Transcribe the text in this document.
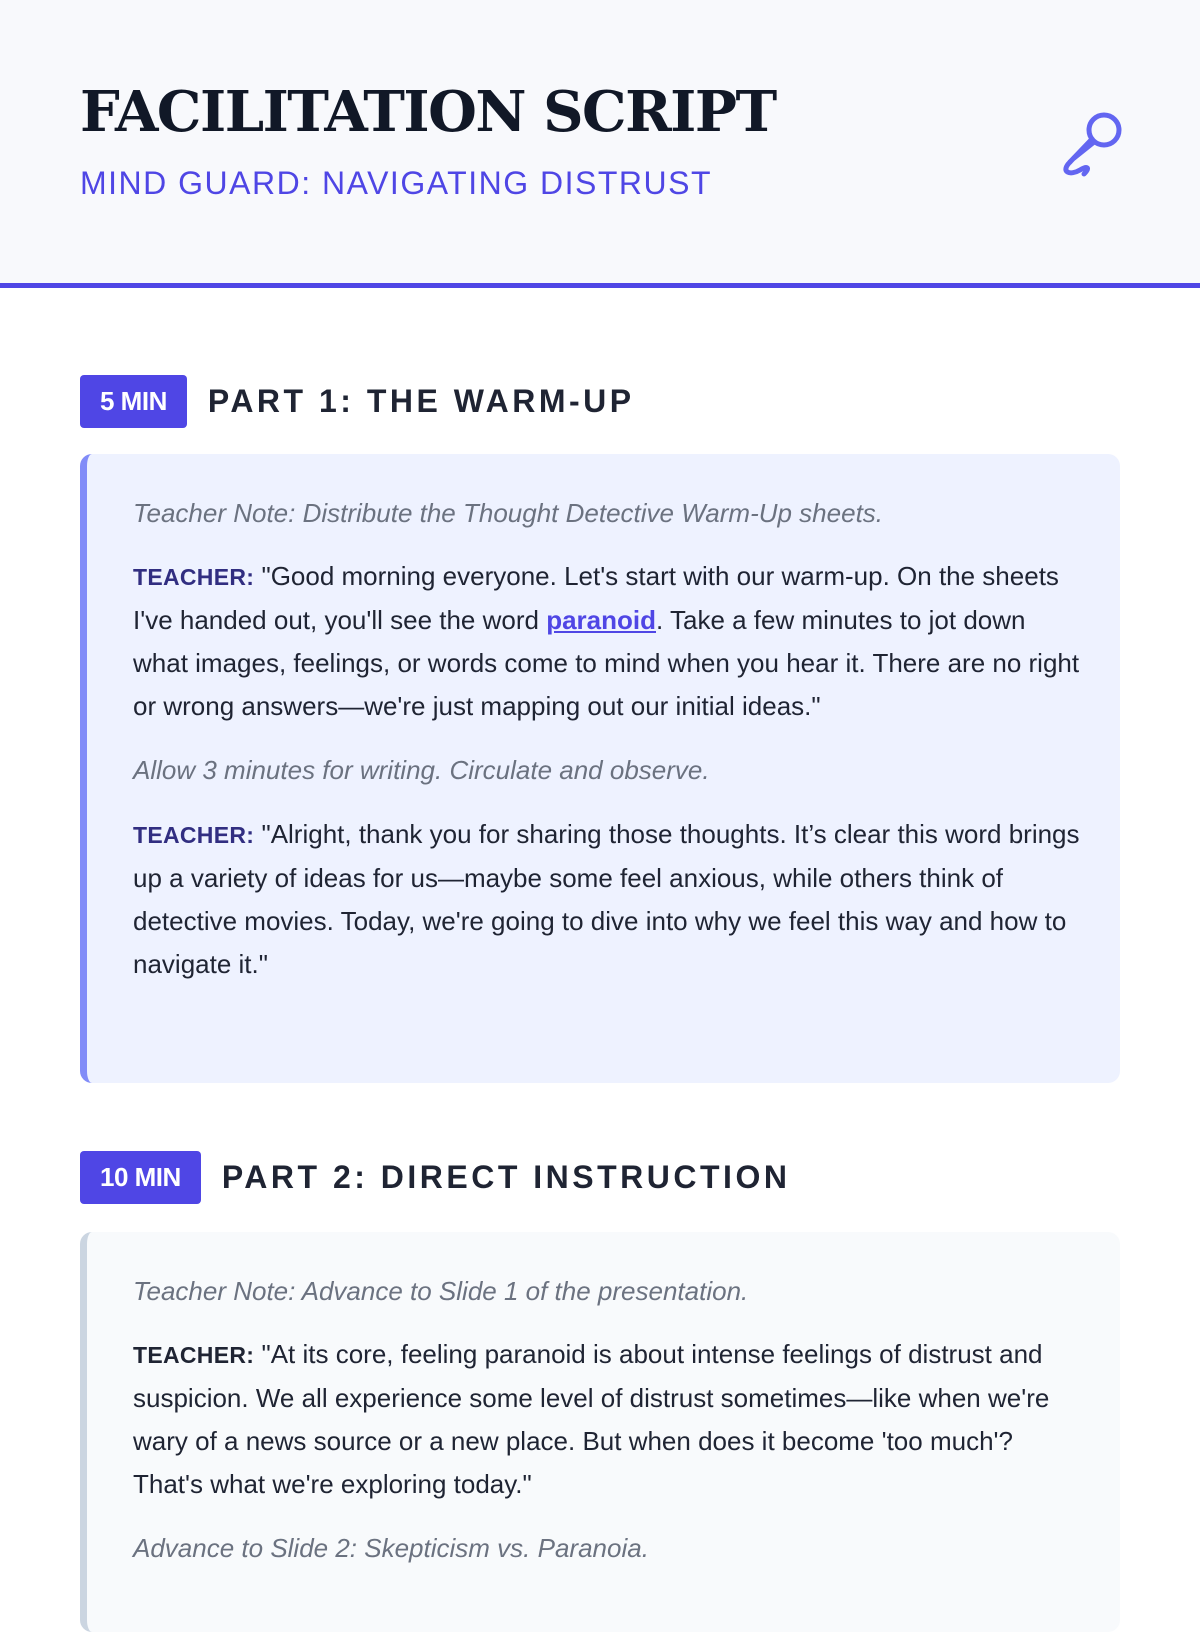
FACILITATION SCRIPT
MIND GUARD: NAVIGATING DISTRUST
5 MIN	PART 1: THE WARM-UP

Teacher Note: Distribute the Thought Detective Warm-Up sheets.

TEACHER: "Good morning everyone. Let's start with our warm-up. On the sheets I've handed out, you'll see the word paranoid. Take a few minutes to jot down what images, feelings, or words come to mind when you hear it. There are no right or wrong answers—we're just mapping out our initial ideas."

Allow 3 minutes for writing. Circulate and observe.

TEACHER: "Alright, thank you for sharing those thoughts. It’s clear this word brings up a variety of ideas for us—maybe some feel anxious, while others think of detective movies. Today, we're going to dive into why we feel this way and how to navigate it."

10 MIN	PART 2: DIRECT INSTRUCTION

Teacher Note: Advance to Slide 1 of the presentation.

TEACHER: "At its core, feeling paranoid is about intense feelings of distrust and suspicion. We all experience some level of distrust sometimes—like when we're wary of a news source or a new place. But when does it become 'too much'? That's what we're exploring today."

Advance to Slide 2: Skepticism vs. Paranoia.
